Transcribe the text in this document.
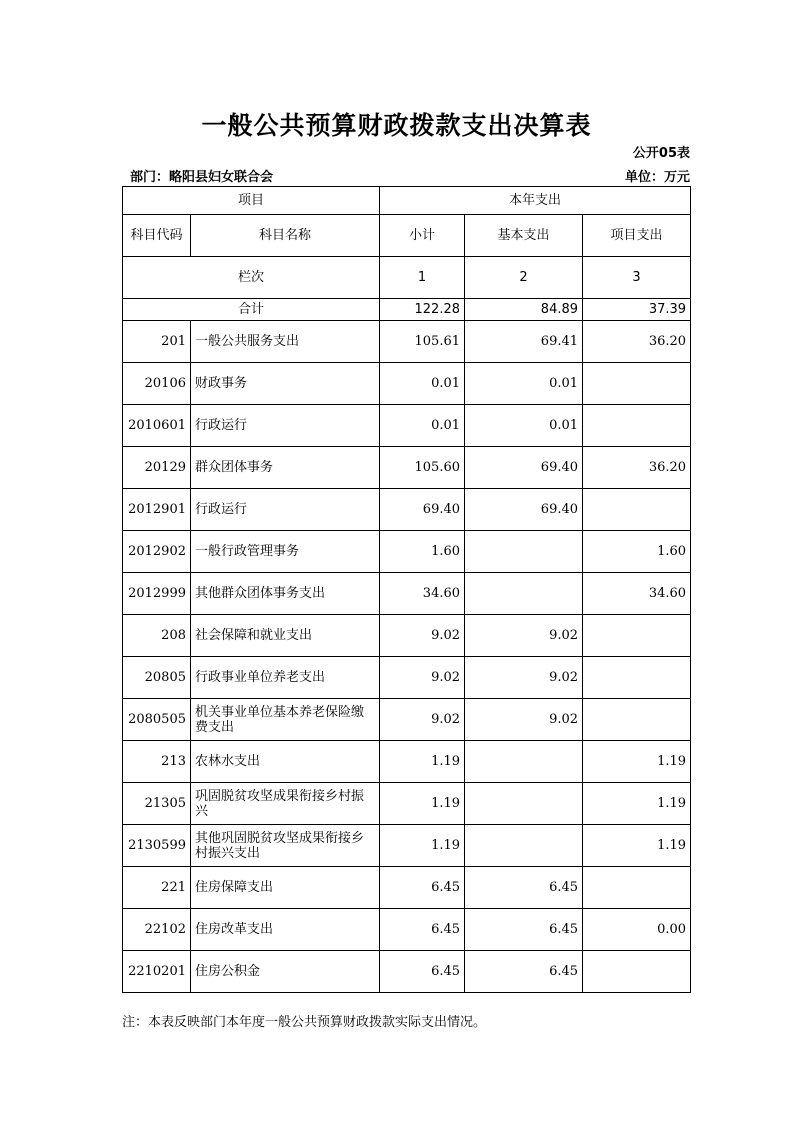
一般公共预算财政拨款支出决算表
公开05表
部门：略阳县妇女联合会	单位：万元
项目		本年支出		
科目代码	科目名称	小计	基本支出	项目支出
栏次		1	2	3
合计		122.28	84.89	37.39
201	一般公共服务支出	105.61	69.41	36.20
20106	财政事务	0.01	0.01	
2010601	行政运行	0.01	0.01	
20129	群众团体事务	105.60	69.40	36.20
2012901	行政运行	69.40	69.40	
2012902	一般行政管理事务	1.60		1.60
2012999	其他群众团体事务支出	34.60		34.60
208	社会保障和就业支出	9.02	9.02	
20805	行政事业单位养老支出	9.02	9.02	
2080505	机关事业单位基本养老保险缴费支出	9.02	9.02	
213	农林水支出	1.19		1.19
21305	巩固脱贫攻坚成果衔接乡村振兴	1.19		1.19
2130599	其他巩固脱贫攻坚成果衔接乡村振兴支出	1.19		1.19
221	住房保障支出	6.45	6.45	
22102	住房改革支出	6.45	6.45	0.00
2210201	住房公积金	6.45	6.45	
注：本表反映部门本年度一般公共预算财政拨款实际支出情况。
